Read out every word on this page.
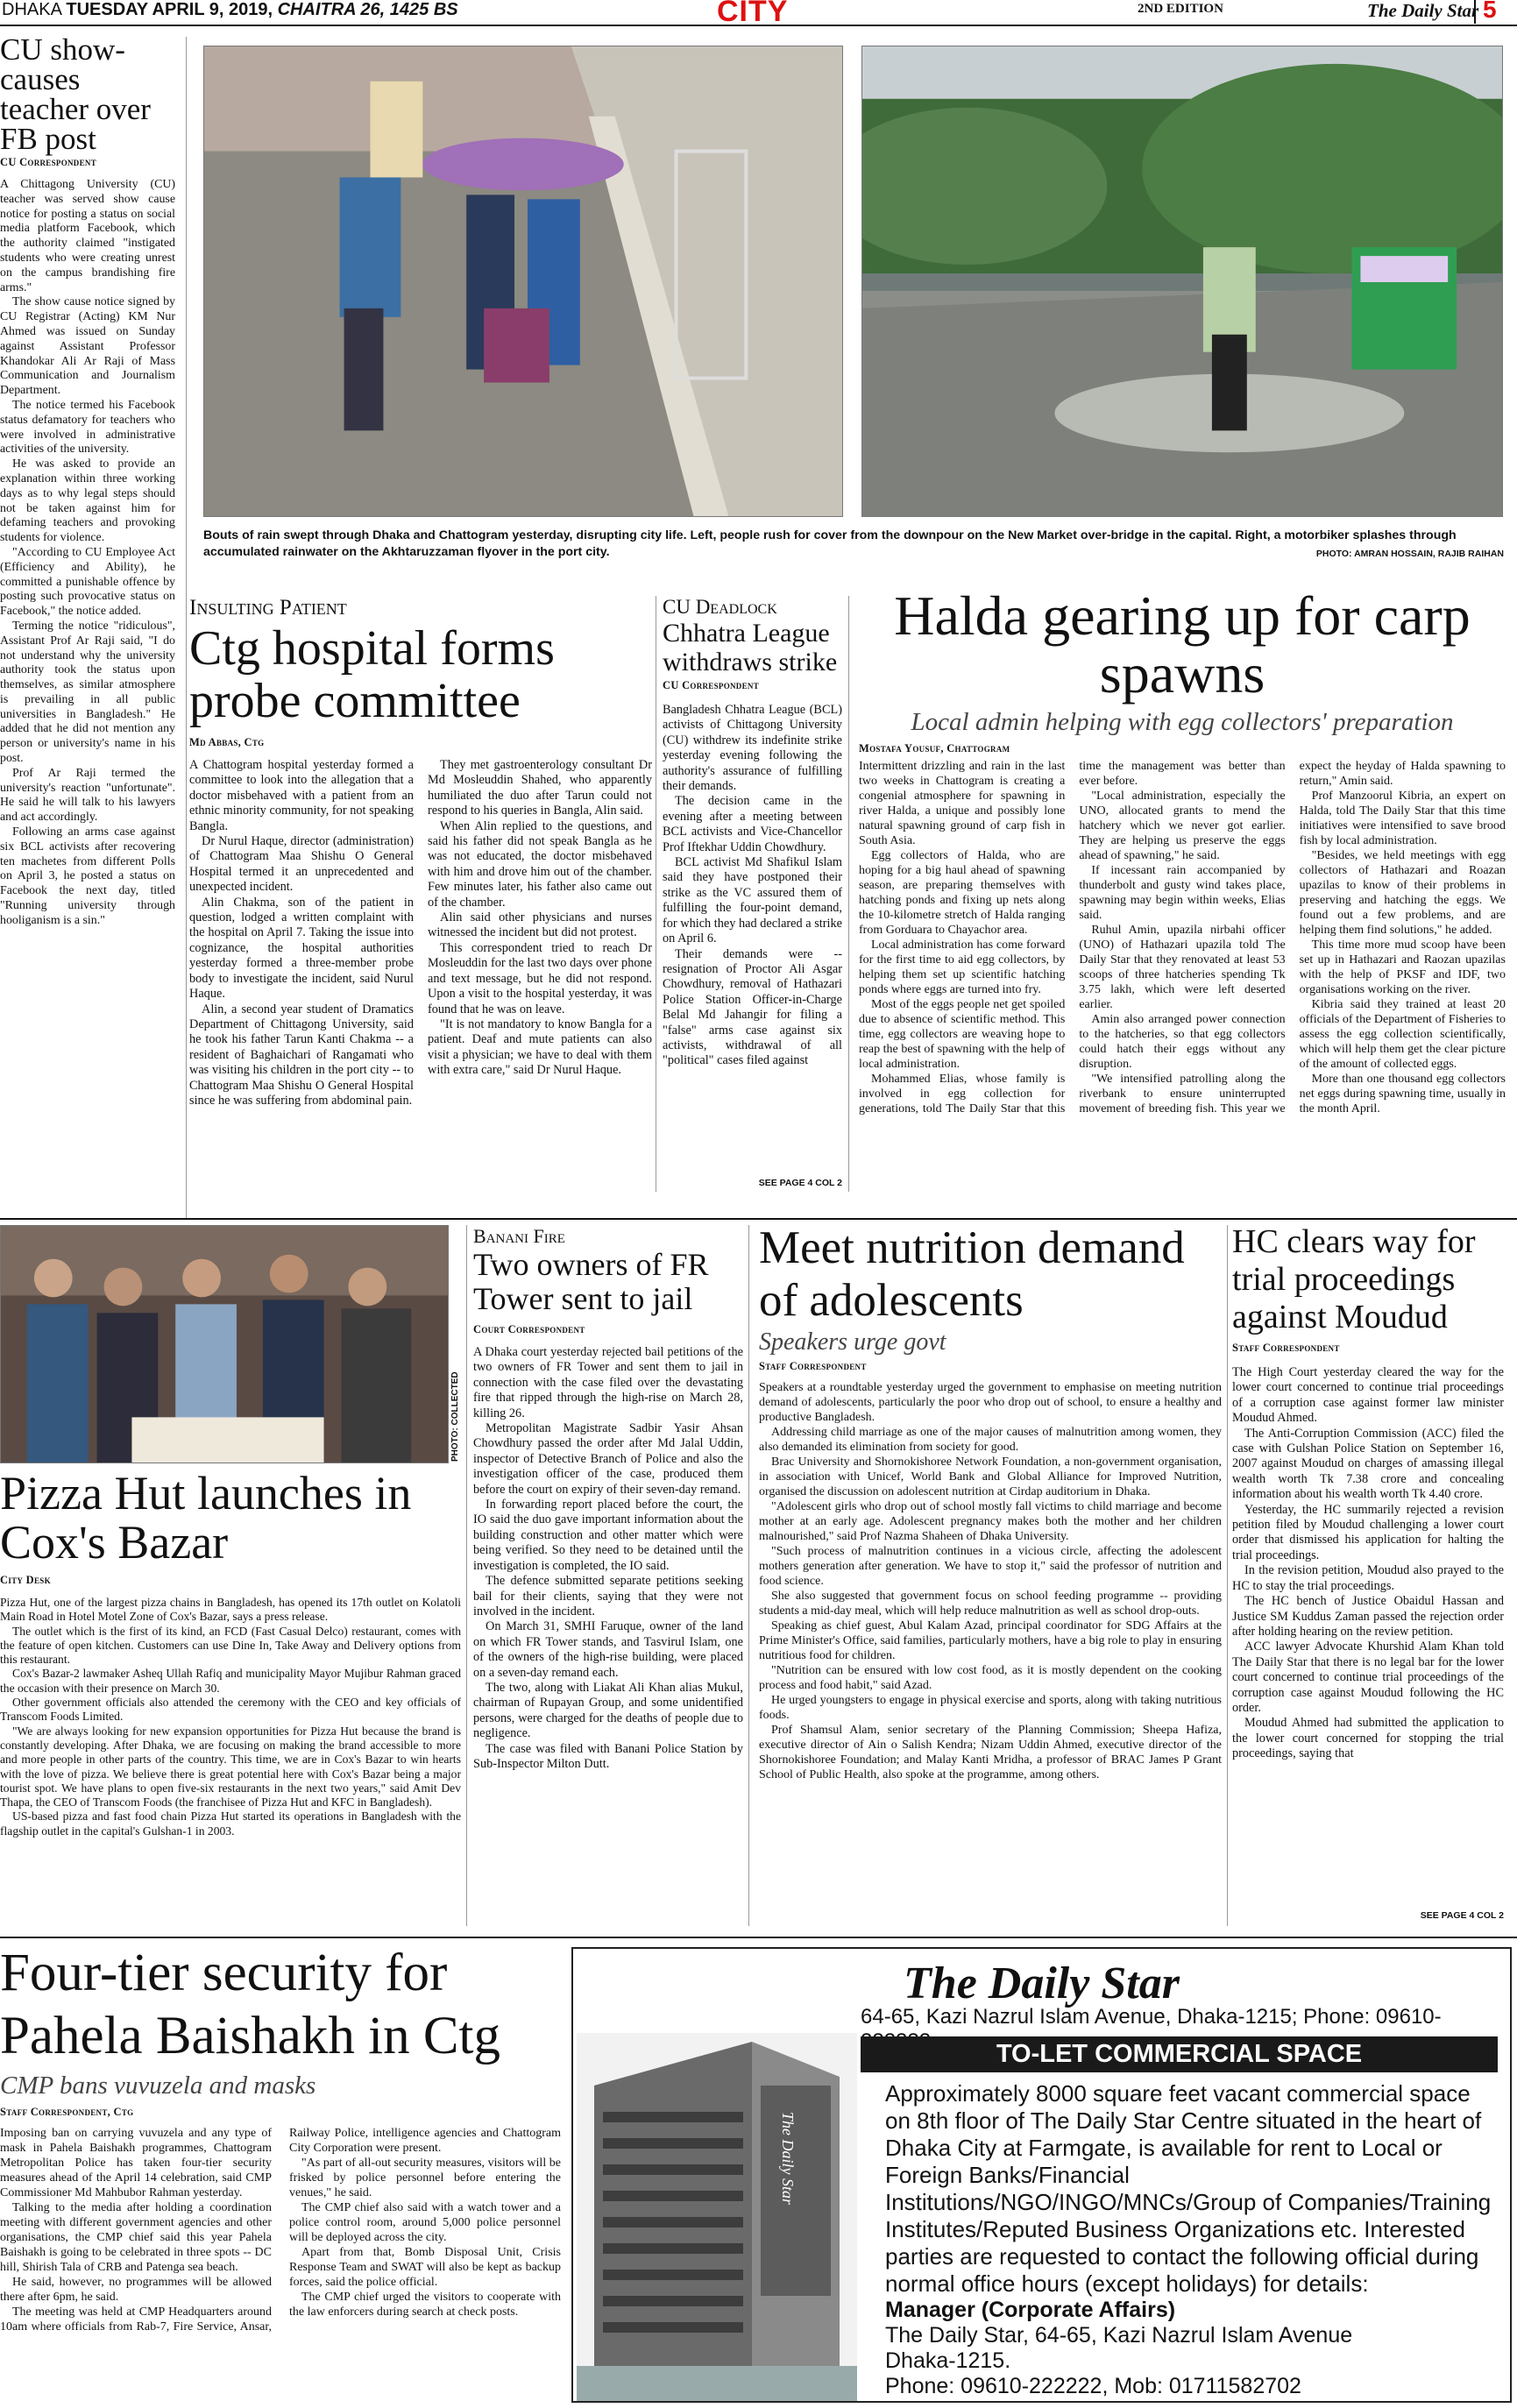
DHAKA TUESDAY APRIL 9, 2019, CHAITRA 26, 1425 BS	CITY	2ND EDITION	The Daily Star 5
CU show-causes teacher over FB post
CU Correspondent

A Chittagong University (CU) teacher was served show cause notice for posting a status on social media platform Facebook, which the authority claimed "instigated students who were creating unrest on the campus brandishing fire arms."

The show cause notice signed by CU Registrar (Acting) KM Nur Ahmed was issued on Sunday against Assistant Professor Khandokar Ali Ar Raji of Mass Communication and Journalism Department.

The notice termed his Facebook status defamatory for teachers who were involved in administrative activities of the university.

He was asked to provide an explanation within three working days as to why legal steps should not be taken against him for defaming teachers and provoking students for violence.

"According to CU Employee Act (Efficiency and Ability), he committed a punishable offence by posting such provocative status on Facebook," the notice added.

Terming the notice "ridiculous", Assistant Prof Ar Raji said, "I do not understand why the university authority took the status upon themselves, as similar atmosphere is prevailing in all public universities in Bangladesh." He added that he did not mention any person or university's name in his post.

Prof Ar Raji termed the university's reaction "unfortunate". He said he will talk to his lawyers and act accordingly.

Following an arms case against six BCL activists after recovering ten machetes from different Polls on April 3, he posted a status on Facebook the next day, titled "Running university through hooliganism is a sin."

Bouts of rain swept through Dhaka and Chattogram yesterday, disrupting city life. Left, people rush for cover from the downpour on the New Market over-bridge in the capital. Right, a motorbiker splashes through accumulated rainwater on the Akhtaruzzaman flyover in the port city.	PHOTO: AMRAN HOSSAIN, RAJIB RAIHAN
Insulting Patient
Ctg hospital forms probe committee
Md Abbas, Ctg

A Chattogram hospital yesterday formed a committee to look into the allegation that a doctor misbehaved with a patient from an ethnic minority community, for not speaking Bangla.

Dr Nurul Haque, director (administration) of Chattogram Maa Shishu O General Hospital termed it an unprecedented and unexpected incident.

Alin Chakma, son of the patient in question, lodged a written complaint with the hospital on April 7. Taking the issue into cognizance, the hospital authorities yesterday formed a three-member probe body to investigate the incident, said Nurul Haque.

Alin, a second year student of Dramatics Department of Chittagong University, said he took his father Tarun Kanti Chakma -- a resident of Baghaichari of Rangamati who was visiting his children in the port city -- to Chattogram Maa Shishu O General Hospital since he was suffering from abdominal pain.

They met gastroenterology consultant Dr Md Mosleuddin Shahed, who apparently humiliated the duo after Tarun could not respond to his queries in Bangla, Alin said.

When Alin replied to the questions, and said his father did not speak Bangla as he was not educated, the doctor misbehaved with him and drove him out of the chamber. Few minutes later, his father also came out of the chamber.

Alin said other physicians and nurses witnessed the incident but did not protest.

This correspondent tried to reach Dr Mosleuddin for the last two days over phone and text message, but he did not respond. Upon a visit to the hospital yesterday, it was found that he was on leave.

"It is not mandatory to know Bangla for a patient. Deaf and mute patients can also visit a physician; we have to deal with them with extra care," said Dr Nurul Haque.

CU Deadlock
Chhatra League withdraws strike
CU Correspondent

Bangladesh Chhatra League (BCL) activists of Chittagong University (CU) withdrew its indefinite strike yesterday evening following the authority's assurance of fulfilling their demands.

The decision came in the evening after a meeting between BCL activists and Vice-Chancellor Prof Iftekhar Uddin Chowdhury.

BCL activist Md Shafikul Islam said they have postponed their strike as the VC assured them of fulfilling the four-point demand, for which they had declared a strike on April 6.

Their demands were -- resignation of Proctor Ali Asgar Chowdhury, removal of Hathazari Police Station Officer-in-Charge Belal Md Jahangir for filing a "false" arms case against six activists, withdrawal of all "political" cases filed against

SEE PAGE 4 COL 2
Halda gearing up for carp spawns
Local admin helping with egg collectors' preparation
Mostafa Yousuf, Chattogram

Intermittent drizzling and rain in the last two weeks in Chattogram is creating a congenial atmosphere for spawning in river Halda, a unique and possibly lone natural spawning ground of carp fish in South Asia.

Egg collectors of Halda, who are hoping for a big haul ahead of spawning season, are preparing themselves with hatching ponds and fixing up nets along the 10-kilometre stretch of Halda ranging from Gorduara to Chayachor area.

Local administration has come forward for the first time to aid egg collectors, by helping them set up scientific hatching ponds where eggs are turned into fry.

Most of the eggs people net get spoiled due to absence of scientific method. This time, egg collectors are weaving hope to reap the best of spawning with the help of local administration.

Mohammed Elias, whose family is involved in egg collection for generations, told The Daily Star that this time the management was better than ever before.

"Local administration, especially the UNO, allocated grants to mend the hatchery which we never got earlier. They are helping us preserve the eggs ahead of spawning," he said.

If incessant rain accompanied by thunderbolt and gusty wind takes place, spawning may begin within weeks, Elias said.

Ruhul Amin, upazila nirbahi officer (UNO) of Hathazari upazila told The Daily Star that they renovated at least 53 scoops of three hatcheries spending Tk 3.75 lakh, which were left deserted earlier.

Amin also arranged power connection to the hatcheries, so that egg collectors could hatch their eggs without any disruption.

"We intensified patrolling along the riverbank to ensure uninterrupted movement of breeding fish. This year we expect the heyday of Halda spawning to return," Amin said.

Prof Manzoorul Kibria, an expert on Halda, told The Daily Star that this time initiatives were intensified to save brood fish by local administration.

"Besides, we held meetings with egg collectors of Hathazari and Roazan upazilas to know of their problems in preserving and hatching the eggs. We found out a few problems, and are helping them find solutions," he added.

This time more mud scoop have been set up in Hathazari and Raozan upazilas with the help of PKSF and IDF, two organisations working on the river.

Kibria said they trained at least 20 officials of the Department of Fisheries to assess the egg collection scientifically, which will help them get the clear picture of the amount of collected eggs.

More than one thousand egg collectors net eggs during spawning time, usually in the month April.

PHOTO: COLLECTED
Pizza Hut launches in Cox's Bazar
City Desk

Pizza Hut, one of the largest pizza chains in Bangladesh, has opened its 17th outlet on Kolatoli Main Road in Hotel Motel Zone of Cox's Bazar, says a press release.

The outlet which is the first of its kind, an FCD (Fast Casual Delco) restaurant, comes with the feature of open kitchen. Customers can use Dine In, Take Away and Delivery options from this restaurant.

Cox's Bazar-2 lawmaker Asheq Ullah Rafiq and municipality Mayor Mujibur Rahman graced the occasion with their presence on March 30.

Other government officials also attended the ceremony with the CEO and key officials of Transcom Foods Limited.

"We are always looking for new expansion opportunities for Pizza Hut because the brand is constantly developing. After Dhaka, we are focusing on making the brand accessible to more and more people in other parts of the country. This time, we are in Cox's Bazar to win hearts with the love of pizza. We believe there is great potential here with Cox's Bazar being a major tourist spot. We have plans to open five-six restaurants in the next two years," said Amit Dev Thapa, the CEO of Transcom Foods (the franchisee of Pizza Hut and KFC in Bangladesh).

US-based pizza and fast food chain Pizza Hut started its operations in Bangladesh with the flagship outlet in the capital's Gulshan-1 in 2003.

Banani Fire
Two owners of FR Tower sent to jail
Court Correspondent

A Dhaka court yesterday rejected bail petitions of the two owners of FR Tower and sent them to jail in connection with the case filed over the devastating fire that ripped through the high-rise on March 28, killing 26.

Metropolitan Magistrate Sadbir Yasir Ahsan Chowdhury passed the order after Md Jalal Uddin, inspector of Detective Branch of Police and also the investigation officer of the case, produced them before the court on expiry of their seven-day remand.

In forwarding report placed before the court, the IO said the duo gave important information about the building construction and other matter which were being verified. So they need to be detained until the investigation is completed, the IO said.

The defence submitted separate petitions seeking bail for their clients, saying that they were not involved in the incident.

On March 31, SMHI Faruque, owner of the land on which FR Tower stands, and Tasvirul Islam, one of the owners of the high-rise building, were placed on a seven-day remand each.

The two, along with Liakat Ali Khan alias Mukul, chairman of Rupayan Group, and some unidentified persons, were charged for the deaths of people due to negligence.

The case was filed with Banani Police Station by Sub-Inspector Milton Dutt.

Meet nutrition demand of adolescents
Speakers urge govt
Staff Correspondent

Speakers at a roundtable yesterday urged the government to emphasise on meeting nutrition demand of adolescents, particularly the poor who drop out of school, to ensure a healthy and productive Bangladesh.

Addressing child marriage as one of the major causes of malnutrition among women, they also demanded its elimination from society for good.

Brac University and Shornokishoree Network Foundation, a non-government organisation, in association with Unicef, World Bank and Global Alliance for Improved Nutrition, organised the discussion on adolescent nutrition at Cirdap auditorium in Dhaka.

"Adolescent girls who drop out of school mostly fall victims to child marriage and become mother at an early age. Adolescent pregnancy makes both the mother and her children malnourished," said Prof Nazma Shaheen of Dhaka University.

"Such process of malnutrition continues in a vicious circle, affecting the adolescent mothers generation after generation. We have to stop it," said the professor of nutrition and food science.

She also suggested that government focus on school feeding programme -- providing students a mid-day meal, which will help reduce malnutrition as well as school drop-outs.

Speaking as chief guest, Abul Kalam Azad, principal coordinator for SDG Affairs at the Prime Minister's Office, said families, particularly mothers, have a big role to play in ensuring nutritious food for children.

"Nutrition can be ensured with low cost food, as it is mostly dependent on the cooking process and food habit," said Azad.

He urged youngsters to engage in physical exercise and sports, along with taking nutritious foods.

Prof Shamsul Alam, senior secretary of the Planning Commission; Sheepa Hafiza, executive director of Ain o Salish Kendra; Nizam Uddin Ahmed, executive director of the Shornokishoree Foundation; and Malay Kanti Mridha, a professor of BRAC James P Grant School of Public Health, also spoke at the programme, among others.

HC clears way for trial proceedings against Moudud
Staff Correspondent

The High Court yesterday cleared the way for the lower court concerned to continue trial proceedings of a corruption case against former law minister Moudud Ahmed.

The Anti-Corruption Commission (ACC) filed the case with Gulshan Police Station on September 16, 2007 against Moudud on charges of amassing illegal wealth worth Tk 7.38 crore and concealing information about his wealth worth Tk 4.40 crore.

Yesterday, the HC summarily rejected a revision petition filed by Moudud challenging a lower court order that dismissed his application for halting the trial proceedings.

In the revision petition, Moudud also prayed to the HC to stay the trial proceedings.

The HC bench of Justice Obaidul Hassan and Justice SM Kuddus Zaman passed the rejection order after holding hearing on the review petition.

ACC lawyer Advocate Khurshid Alam Khan told The Daily Star that there is no legal bar for the lower court concerned to continue trial proceedings of the corruption case against Moudud following the HC order.

Moudud Ahmed had submitted the application to the lower court concerned for stopping the trial proceedings, saying that

SEE PAGE 4 COL 2
Four-tier security for Pahela Baishakh in Ctg
CMP bans vuvuzela and masks
Staff Correspondent, Ctg

Imposing ban on carrying vuvuzela and any type of mask in Pahela Baishakh programmes, Chattogram Metropolitan Police has taken four-tier security measures ahead of the April 14 celebration, said CMP Commissioner Md Mahbubor Rahman yesterday.

Talking to the media after holding a coordination meeting with different government agencies and other organisations, the CMP chief said this year Pahela Baishakh is going to be celebrated in three spots -- DC hill, Shirish Tala of CRB and Patenga sea beach.

He said, however, no programmes will be allowed there after 6pm, he said.

The meeting was held at CMP Headquarters around 10am where officials from Rab-7, Fire Service, Ansar, Railway Police, intelligence agencies and Chattogram City Corporation were present.

"As part of all-out security measures, visitors will be frisked by police personnel before entering the venues," he said.

The CMP chief also said with a watch tower and a police control room, around 5,000 police personnel will be deployed across the city.

Apart from that, Bomb Disposal Unit, Crisis Response Team and SWAT will also be kept as backup forces, said the police official.

The CMP chief urged the visitors to cooperate with the law enforcers during search at check posts.

The Daily Star
64-65, Kazi Nazrul Islam Avenue, Dhaka-1215; Phone: 09610-
TO-LET COMMERCIAL SPACE
The Daily Star
Approximately 8000 square feet vacant commercial space on 8th floor of The Daily Star Centre situated in the heart of Dhaka City at Farmgate, is available for rent to Local or Foreign Banks/Financial Institutions/NGO/INGO/MNCs/Group of Companies/Training Institutes/Reputed Business Organizations etc. Interested parties are requested to contact the following official during normal office hours (except holidays) for details:
Manager (Corporate Affairs)
The Daily Star, 64-65, Kazi Nazrul Islam Avenue
Dhaka-1215.
Phone: 09610-222222, Mob: 01711582702
